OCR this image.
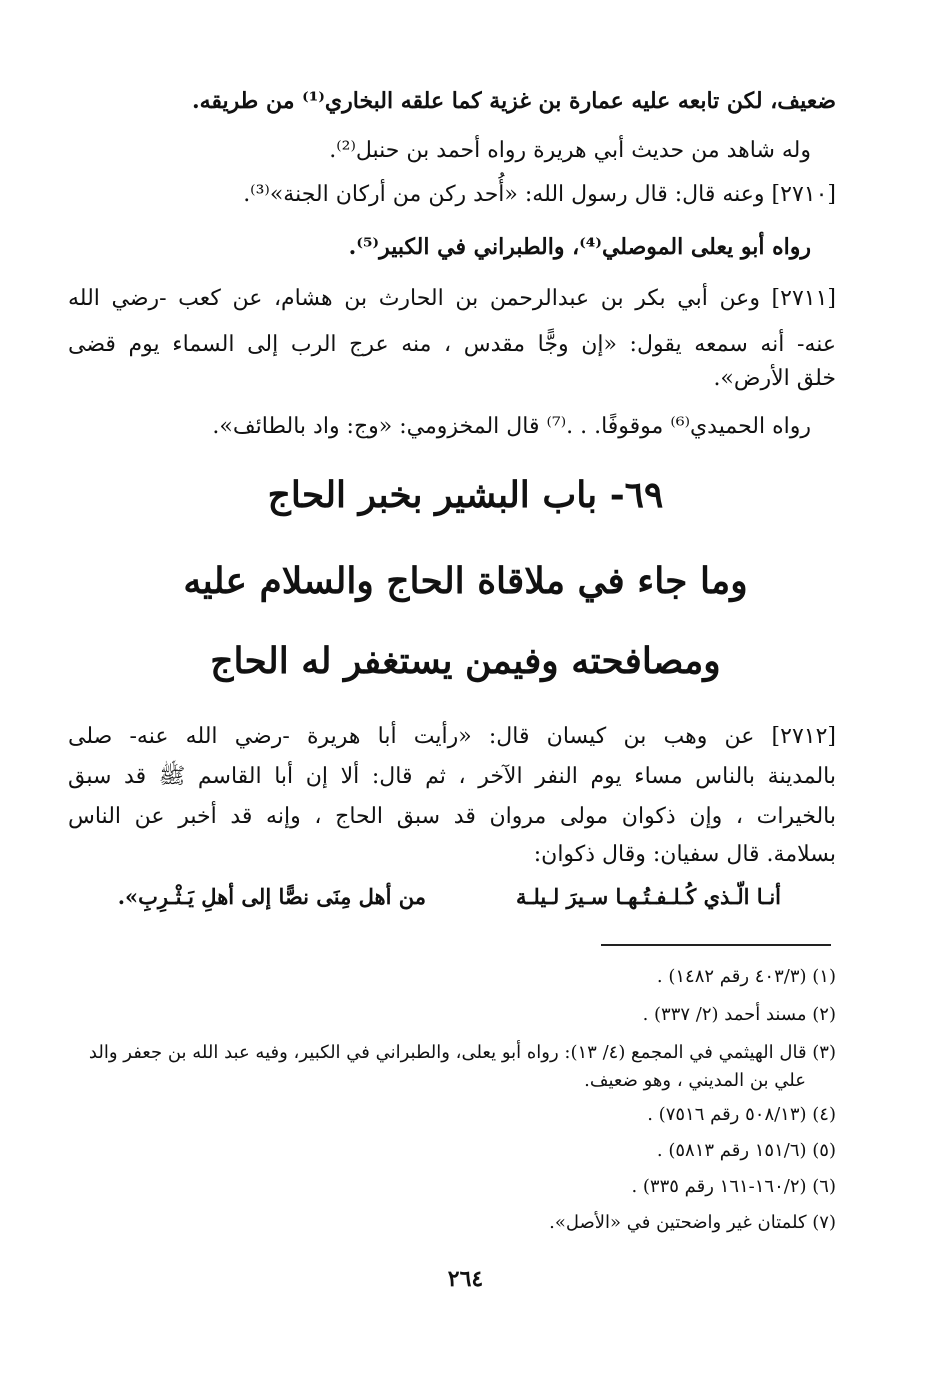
ضعيف، لكن تابعه عليه عمارة بن غزية كما علقه البخاري⁽¹⁾ من طريقه.
وله شاهد من حديث أبي هريرة رواه أحمد بن حنبل⁽²⁾.
[٢٧١٠] وعنه قال: قال رسول الله: «أُحد ركن من أركان الجنة»⁽³⁾.
رواه أبو يعلى الموصلي⁽⁴⁾، والطبراني في الكبير⁽⁵⁾.
[٢٧١١] وعن أبي بكر بن عبدالرحمن بن الحارث بن هشام، عن كعب -رضي الله
عنه- أنه سمعه يقول: «إن وجًّا مقدس ، منه عرج الرب إلى السماء يوم قضى
خلق الأرض».
رواه الحميدي⁽⁶⁾ موقوفًا. . .⁽⁷⁾ قال المخزومي: «وج: واد بالطائف».
٦٩- باب البشير بخبر الحاج
وما جاء في ملاقاة الحاج والسلام عليه
ومصافحته وفيمن يستغفر له الحاج
[٢٧١٢] عن وهب بن كيسان قال: «رأيت أبا هريرة -رضي الله عنه- صلى
بالمدينة بالناس مساء يوم النفر الآخر ، ثم قال: ألا إن أبا القاسم ﷺ قد سبق
بالخيرات ، وإن ذكوان مولى مروان قد سبق الحاج ، وإنه قد أخبر عن الناس
بسلامة. قال سفيان: وقال ذكوان:
أنـا الّـذي كُـلـفـتُـهـا سـيرَ لـيلـة
من أهل مِنَى نصًّا إلى أهلِ يَـثْـرِبِ».
(١) (٤٠٣/٣ رقم ١٤٨٢) .
(٢) مسند أحمد (٢/ ٣٣٧) .
(٣) قال الهيثمي في المجمع (٤/ ١٣): رواه أبو يعلى، والطبراني في الكبير، وفيه عبد الله بن جعفر والد
علي بن المديني ، وهو ضعيف.
(٤) (٥٠٨/١٣ رقم ٧٥١٦) .
(٥) (١٥١/٦ رقم ٥٨١٣) .
(٦) (١٦٠/٢-١٦١ رقم ٣٣٥) .
(٧) كلمتان غير واضحتين في «الأصل».
٢٦٤
